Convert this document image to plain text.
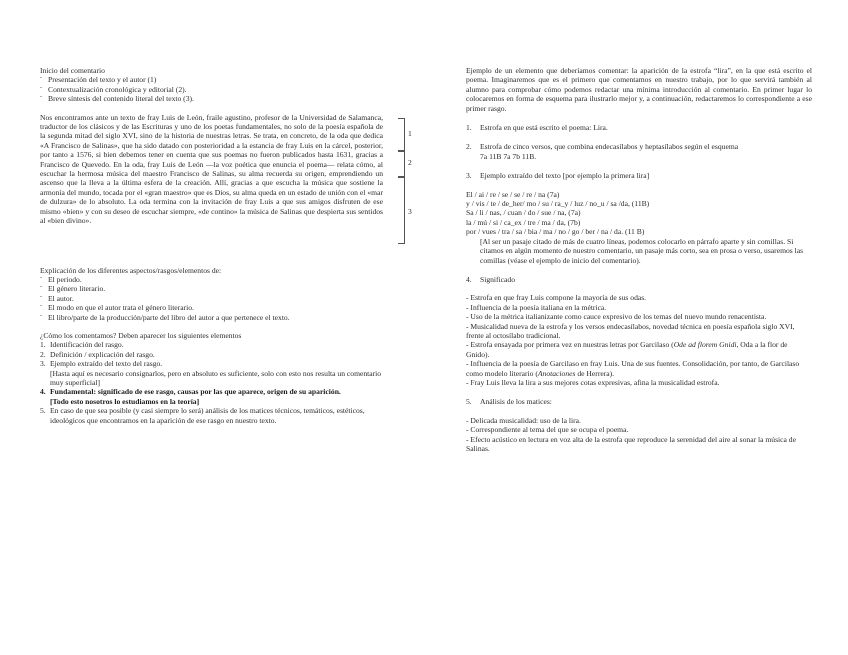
Inicio del comentario

- Presentación del texto y el autor (1)
- Contextualización cronológica y editorial (2).
- Breve síntesis del contenido literal del texto (3).

Nos encontramos ante un texto de fray Luis de León, fraile agustino, profesor de la Universidad de Salamanca, traductor de los clásicos y de las Escrituras y uno de los poetas fundamentales, no solo de la poesía española de la segunda mitad del siglo XVI, sino de la historia de nuestras letras. Se trata, en concreto, de la oda que dedica «A Francisco de Salinas», que ha sido datado con posterioridad a la estancia de fray Luis en la cárcel, posterior, por tanto a 1576, si bien debemos tener en cuenta que sus poemas no fueron publicados hasta 1631, gracias a Francisco de Quevedo. En la oda, fray Luis de León —la voz poética que enuncia el poema— relata cómo, al escuchar la hermosa música del maestro Francisco de Salinas, su alma recuerda su origen, emprendiendo un ascenso que la lleva a la última esfera de la creación. Allí, gracias a que escucha la música que sostiene la armonía del mundo, tocada por el «gran maestro» que es Dios, su alma queda en un estado de unión con el «mar de dulzura» de lo absoluto. La oda termina con la invitación de fray Luis a que sus amigos disfruten de ese mismo «bien» y con su deseo de escuchar siempre, «de contino» la música de Salinas que despierta sus sentidos al «bien divino».

Explicación de los diferentes aspectos/rasgos/elementos de:

- El periodo.
- El género literario.
- El autor.
- El modo en que el autor trata el género literario.
- El libro/parte de la producción/parte del libro del autor a que pertenece el texto.

¿Cómo los comentamos? Deben aparecer los siguientes elementos

1. Identificación del rasgo.
2. Definición / explicación del rasgo.
3. Ejemplo extraído del texto del rasgo.
[Hasta aquí es necesario consignarlos, pero en absoluto es suficiente, solo con esto nos resulta un comentario muy superficial]
4. Fundamental: significado de ese rasgo, causas por las que aparece, origen de su aparición.
[Todo esto nosotros lo estudiamos en la teoría]
5. En caso de que sea posible (y casi siempre lo será) análisis de los matices técnicos, temáticos, estéticos, ideológicos que encontramos en la aparición de ese rasgo en nuestro texto.
1
2
3

Ejemplo de un elemento que deberíamos comentar: la aparición de la estrofa “lira”, en la que está escrito el poema. Imaginaremos que es el primero que comentamos en nuestro trabajo, por lo que servirá también al alumno para comprobar cómo podemos redactar una mínima introducción al comentario. En primer lugar lo colocaremos en forma de esquema para ilustrarlo mejor y, a continuación, redactaremos lo correspondiente a ese primer rasgo.

1.	Estrofa en que está escrito el poema: Lira.
2.	Estrofa de cinco versos, que combina endecasílabos y heptasílabos según el esquema
7a 11B 7a 7b 11B.
3.	Ejemplo extraído del texto [por ejemplo la primera lira]
El / ai / re / se / se / re / na (7a)
y / vis / te / de_her/ mo / su / ra_y / luz / no_u / sa /da, (11B)
Sa / li / nas, / cuan / do / sue / na, (7a)
la / mú / si / ca_ex / tre / ma / da, (7b)
por / vues / tra / sa / bia / ma / no / go / ber / na / da. (11 B)

[Al ser un pasaje citado de más de cuatro líneas, podemos colocarlo en párrafo aparte y sin comillas. Si citamos en algún momento de nuestro comentario, un pasaje más corto, sea en prosa o verso, usaremos las comillas (véase el ejemplo de inicio del comentario).

4.	Significado
- Estrofa en que fray Luis compone la mayoría de sus odas.
- Influencia de la poesía italiana en la métrica.
- Uso de la métrica italianizante como cauce expresivo de los temas del nuevo mundo renacentista.
- Musicalidad nueva de la estrofa y los versos endecasílabos, novedad técnica en poesía española siglo XVI, frente al octosílabo tradicional.
- Estrofa ensayada por primera vez en nuestras letras por Garcilaso (Ode ad florem Gnidi, Oda a la flor de Gnido).
- Influencia de la poesía de Garcilaso en fray Luis. Una de sus fuentes. Consolidación, por tanto, de Garcilaso como modelo literario (Anotaciones de Herrera).
- Fray Luis lleva la lira a sus mejores cotas expresivas, afina la musicalidad estrofa.
5.	Análisis de los matices:
- Delicada musicalidad: uso de la lira.
- Correspondiente al tema del que se ocupa el poema.
- Efecto acústico en lectura en voz alta de la estrofa que reproduce la serenidad del aire al sonar la música de Salinas.
